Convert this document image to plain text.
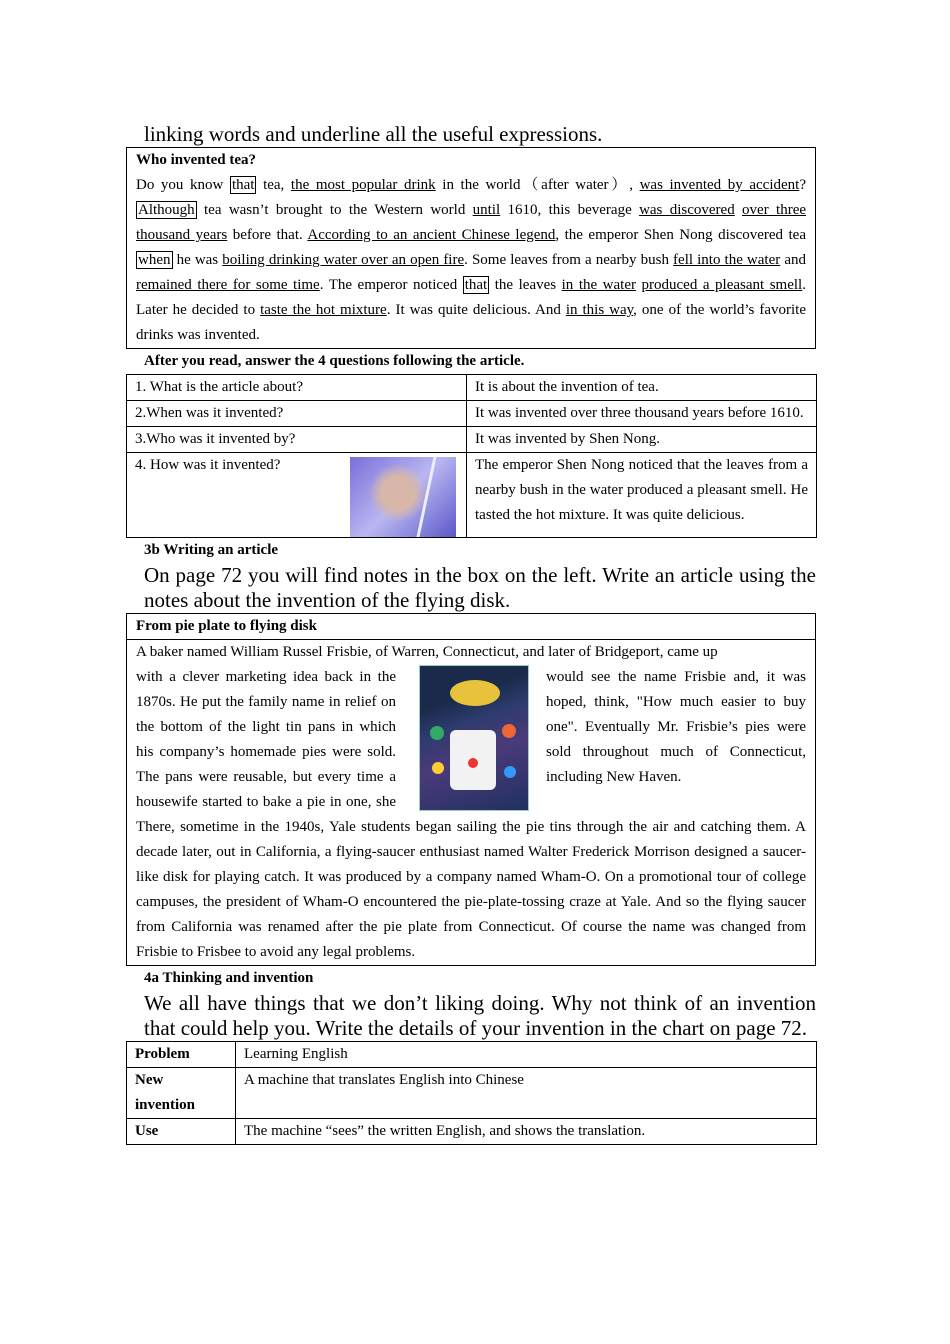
linking words and underline all the useful expressions.
Who invented tea?
Do you know that tea, the most popular drink in the world（after water）, was invented by accident? Although tea wasn’t brought to the Western world until 1610, this beverage was discovered over three thousand years before that. According to an ancient Chinese legend, the emperor Shen Nong discovered tea when he was boiling drinking water over an open fire. Some leaves from a nearby bush fell into the water and remained there for some time. The emperor noticed that the leaves in the water produced a pleasant smell. Later he decided to taste the hot mixture. It was quite delicious. And in this way, one of the world’s favorite drinks was invented.
After you read, answer the 4 questions following the article.
1. What is the article about?	It is about the invention of tea.
2.When was it invented?	It was invented over three thousand years before 1610.
3.Who was it invented by?	It was invented by Shen Nong.

4. How was it invented?	The emperor Shen Nong noticed that the leaves from a nearby bush in the water produced a pleasant smell. He tasted the hot mixture. It was quite delicious.
3b Writing an article
On page 72 you will find notes in the box on the left. Write an article using the notes about the invention of the flying disk.
From pie plate to flying disk
A baker named William Russel Frisbie, of Warren, Connecticut, and later of Bridgeport, came up
with a clever marketing idea back in the 1870s. He put the family name in relief on the bottom of the light tin pans in which his company’s homemade pies were sold. The pans were reusable, but every time a housewife started to bake a pie in one, she would see the name Frisbie and, it was hoped, think, "How much easier to buy one". Eventually Mr. Frisbie’s pies were sold throughout much of Connecticut, including New Haven.
There, sometime in the 1940s, Yale students began sailing the pie tins through the air and catching them. A decade later, out in California, a flying-saucer enthusiast named Walter Frederick Morrison designed a saucer-like disk for playing catch. It was produced by a company named Wham-O. On a promotional tour of college campuses, the president of Wham-O encountered the pie-plate-tossing craze at Yale. And so the flying saucer from California was renamed after the pie plate from Connecticut. Of course the name was changed from Frisbie to Frisbee to avoid any legal problems.
4a Thinking and invention
We all have things that we don’t liking doing. Why not think of an invention that could help you. Write the details of your invention in the chart on page 72.
Problem	Learning English
New invention	A machine that translates English into Chinese
Use	The machine “sees” the written English, and shows the translation.
